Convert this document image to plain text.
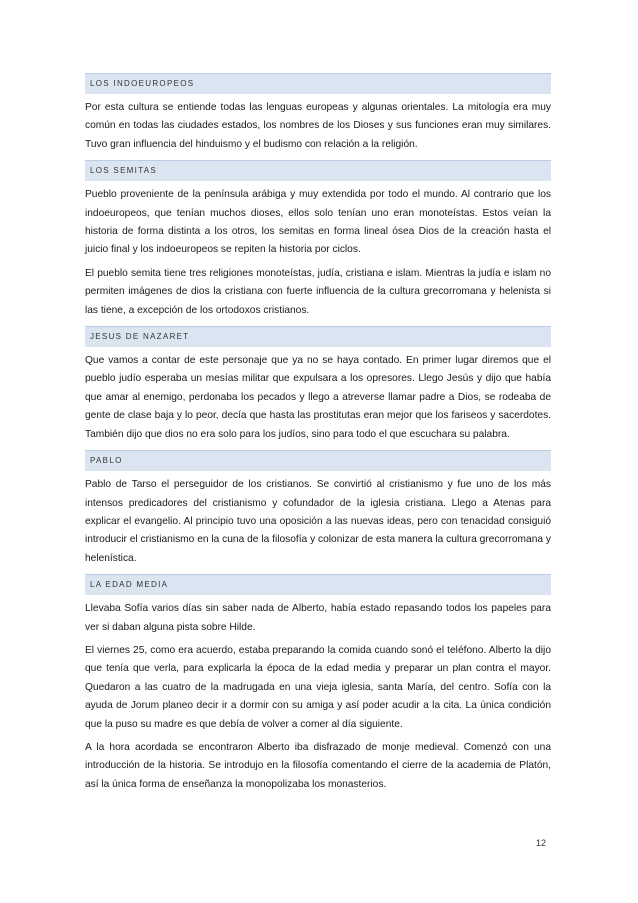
LOS INDOEUROPEOS

Por esta cultura se entiende todas las lenguas europeas y algunas orientales. La mitología era muy común en todas las ciudades estados, los nombres de los Dioses y sus funciones eran muy similares. Tuvo gran influencia del hinduismo y el budismo con relación a la religión.

LOS SEMITAS

Pueblo proveniente de la península arábiga y muy extendida por todo el mundo. Al contrario que los indoeuropeos, que tenían muchos dioses, ellos solo tenían uno eran monoteístas. Estos veían la historia de forma distinta a los otros, los semitas en forma lineal ósea Dios de la creación hasta el juicio final y los indoeuropeos se repiten la historia por ciclos.

El pueblo semita tiene tres religiones monoteístas, judía, cristiana e islam. Mientras la judía e islam no permiten imágenes de dios la cristiana con fuerte influencia de la cultura grecorromana y helenista si las tiene, a excepción de los ortodoxos cristianos.

JESUS DE NAZARET

Que vamos a contar de este personaje que ya no se haya contado. En primer lugar diremos que el pueblo judío esperaba un mesías militar que expulsara a los opresores. Llego Jesús y dijo que había que amar al enemigo, perdonaba los pecados y llego a atreverse llamar padre a Dios, se rodeaba de gente de clase baja y lo peor, decía que hasta las prostitutas eran mejor que los fariseos y sacerdotes. También dijo que dios no era solo para los judíos, sino para todo el que escuchara su palabra.

PABLO

Pablo de Tarso el perseguidor de los cristianos. Se convirtió al cristianismo y fue uno de los más intensos predicadores del cristianismo y cofundador de la iglesia cristiana. Llego a Atenas para explicar el evangelio. Al principio tuvo una oposición a las nuevas ideas, pero con tenacidad consiguió introducir el cristianismo en la cuna de la filosofía y colonizar de esta manera la cultura grecorromana y helenística.

LA EDAD MEDIA

Llevaba Sofía varios días sin saber nada de Alberto, había estado repasando todos los papeles para ver si daban alguna pista sobre Hilde.

El viernes 25, como era acuerdo, estaba preparando la comida cuando sonó el teléfono. Alberto la dijo que tenía que verla, para explicarla la época de la edad media y preparar un plan contra el mayor. Quedaron a las cuatro de la madrugada en una vieja iglesia, santa María, del centro. Sofía con la ayuda de Jorum planeo decir ir a dormir con su amiga y así poder acudir a la cita. La única condición que la puso su madre es que debía de volver a comer al día siguiente.

A la hora acordada se encontraron Alberto iba disfrazado de monje medieval. Comenzó con una introducción de la historia. Se introdujo en la filosofía comentando el cierre de la academia de Platón, así la única forma de enseñanza la monopolizaba los monasterios.

12
